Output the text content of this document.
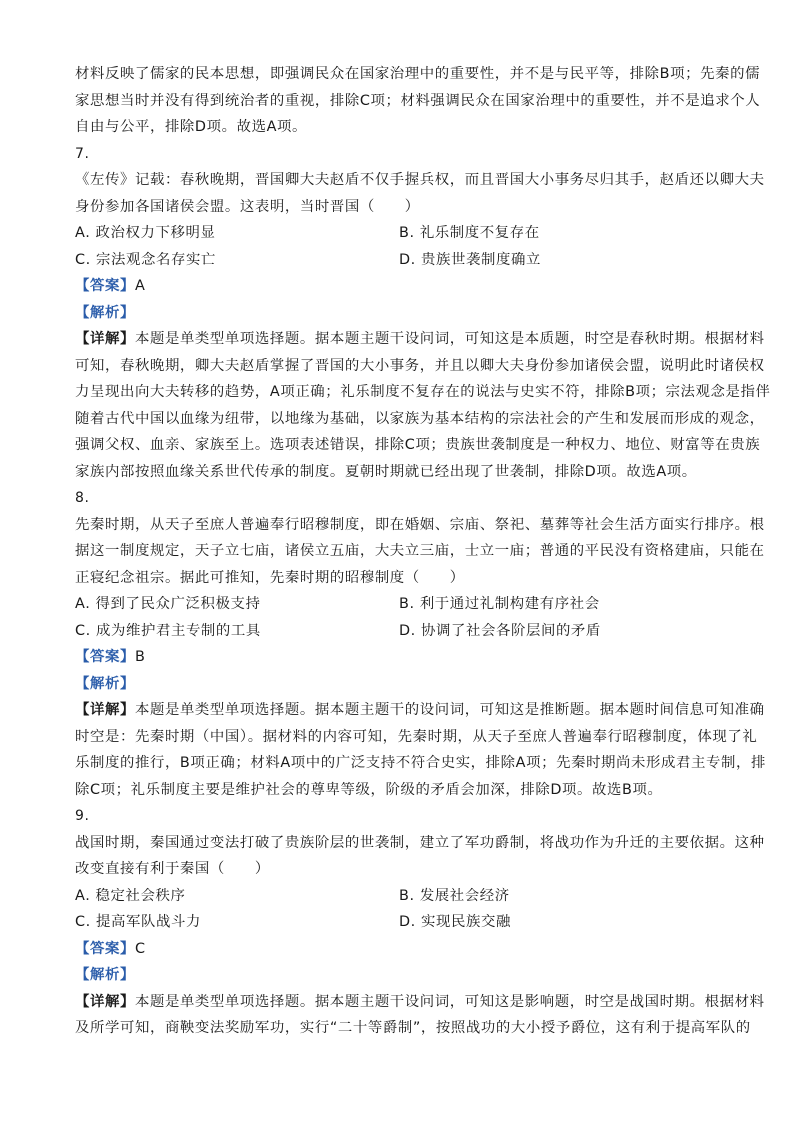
材料反映了儒家的民本思想，即强调民众在国家治理中的重要性，并不是与民平等，排除B项；先秦的儒
家思想当时并没有得到统治者的重视，排除C项；材料强调民众在国家治理中的重要性，并不是追求个人
自由与公平，排除D项。故选A项。
7.
《左传》记载：春秋晚期，晋国卿大夫赵盾不仅手握兵权，而且晋国大小事务尽归其手，赵盾还以卿大夫
身份参加各国诸侯会盟。这表明，当时晋国（　　）
A. 政治权力下移明显	B. 礼乐制度不复存在
C. 宗法观念名存实亡	D. 贵族世袭制度确立
【答案】A
【解析】
【详解】本题是单类型单项选择题。据本题主题干设问词，可知这是本质题，时空是春秋时期。根据材料
可知，春秋晚期，卿大夫赵盾掌握了晋国的大小事务，并且以卿大夫身份参加诸侯会盟，说明此时诸侯权
力呈现出向大夫转移的趋势，A项正确；礼乐制度不复存在的说法与史实不符，排除B项；宗法观念是指伴
随着古代中国以血缘为纽带，以地缘为基础，以家族为基本结构的宗法社会的产生和发展而形成的观念，
强调父权、血亲、家族至上。选项表述错误，排除C项；贵族世袭制度是一种权力、地位、财富等在贵族
家族内部按照血缘关系世代传承的制度。夏朝时期就已经出现了世袭制，排除D项。故选A项。
8.
先秦时期，从天子至庶人普遍奉行昭穆制度，即在婚姻、宗庙、祭祀、墓葬等社会生活方面实行排序。根
据这一制度规定，天子立七庙，诸侯立五庙，大夫立三庙，士立一庙；普通的平民没有资格建庙，只能在
正寝纪念祖宗。据此可推知，先秦时期的昭穆制度（　　）
A. 得到了民众广泛积极支持	B. 利于通过礼制构建有序社会
C. 成为维护君主专制的工具	D. 协调了社会各阶层间的矛盾
【答案】B
【解析】
【详解】本题是单类型单项选择题。据本题主题干的设问词，可知这是推断题。据本题时间信息可知准确
时空是：先秦时期（中国）。据材料的内容可知，先秦时期，从天子至庶人普遍奉行昭穆制度，体现了礼
乐制度的推行，B项正确；材料A项中的广泛支持不符合史实，排除A项；先秦时期尚未形成君主专制，排
除C项；礼乐制度主要是维护社会的尊卑等级，阶级的矛盾会加深，排除D项。故选B项。
9.
战国时期，秦国通过变法打破了贵族阶层的世袭制，建立了军功爵制，将战功作为升迁的主要依据。这种
改变直接有利于秦国（　　）
A. 稳定社会秩序	B. 发展社会经济
C. 提高军队战斗力	D. 实现民族交融
【答案】C
【解析】
【详解】本题是单类型单项选择题。据本题主题干设问词，可知这是影响题，时空是战国时期。根据材料
及所学可知，商鞅变法奖励军功，实行“二十等爵制”，按照战功的大小授予爵位，这有利于提高军队的
